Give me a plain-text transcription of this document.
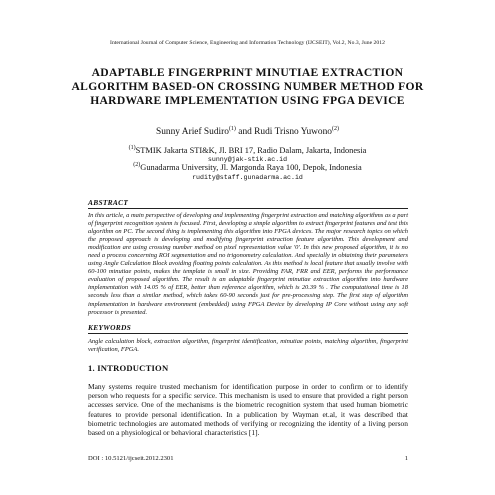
International Journal of Computer Science, Engineering and Information Technology (IJCSEIT), Vol.2, No.3, June 2012
ADAPTABLE FINGERPRINT MINUTIAE EXTRACTION ALGORITHM BASED-ON CROSSING NUMBER METHOD FOR HARDWARE IMPLEMENTATION USING FPGA DEVICE
Sunny Arief Sudiro$^{(1)}$ and Rudi Trisno Yuwono$^{(2)}$
$^{(1)}$STMIK Jakarta STI&K, Jl. BRI 17, Radio Dalam, Jakarta, Indonesia
sunny@jak-stik.ac.id
$^{(2)}$Gunadarma University, Jl. Margonda Raya 100, Depok, Indonesia
rudity@staff.gunadarma.ac.id
ABSTRACT
In this article, a main perspective of developing and implementing fingerprint extraction and matching algorithms as a part of fingerprint recognition system is focused. First, developing a simple algorithm to extract fingerprint features and test this algorithm on PC. The second thing is implementing this algorithm into FPGA devices. The major research topics on which the proposed approach is developing and modifying fingerprint extraction feature algorithm. This development and modification are using crossing number method on pixel representation value '0'. In this new proposed algorithm, it is no need a process concerning ROI segmentation and no trigonometry calculation. And specially in obtaining their parameters using Angle Calculation Block avoiding floating points calculation. As this method is local feature that usually involve with 60-100 minutiae points, makes the template is small in size. Providing FAR, FRR and EER, performs the performance evaluation of proposed algorithm. The result is an adaptable fingerprint minutiae extraction algorithm into hardware implementation with 14.05 % of EER, better than reference algorithm, which is 20.39 % . The computational time is 18 seconds less than a similar method, which takes 60-90 seconds just for pre-processing step. The first step of algorithm implementation in hardware environment (embedded) using FPGA Device by developing IP Core without using any soft processor is presented.
KEYWORDS
Angle calculation block, extraction algorithm, fingerprint identification, minutiae points, matching algorithm, fingerprint verification, FPGA.
1. INTRODUCTION
Many systems require trusted mechanism for identification purpose in order to confirm or to identify person who requests for a specific service. This mechanism is used to ensure that provided a right person accesses service. One of the mechanisms is the biometric recognition system that used human biometric features to provide personal identification. In a publication by Wayman et.al, it was described that biometric technologies are automated methods of verifying or recognizing the identity of a living person based on a physiological or behavioral characteristics [1].
DOI : 10.5121/ijcseit.2012.2301	1
